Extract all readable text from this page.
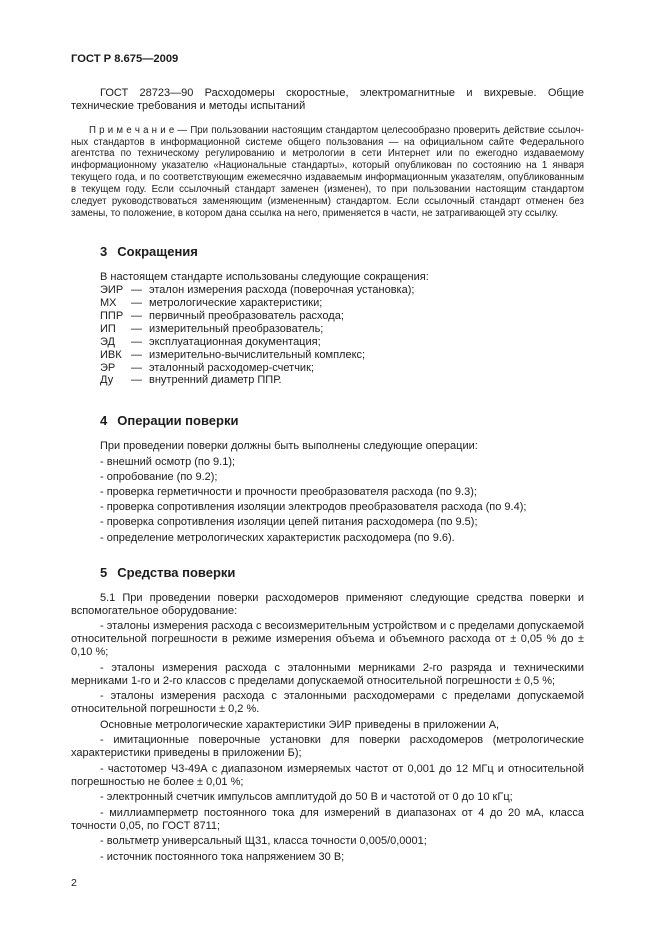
ГОСТ Р 8.675—2009

ГОСТ 28723—90 Расходомеры скоростные, электромагнитные и вихревые. Общие технические требования и методы испытаний

П р и м е ч а н и е — При пользовании настоящим стандартом целесообразно проверить действие ссылочных стандартов в информационной системе общего пользования — на официальном сайте Федерального агентства по техническому регулированию и метрологии в сети Интернет или по ежегодно издаваемому информационному указателю «Национальные стандарты», который опубликован по состоянию на 1 января текущего года, и по соответствующим ежемесячно издаваемым информационным указателям, опубликованным в текущем году. Если ссылочный стандарт заменен (изменен), то при пользовании настоящим стандартом следует руководствоваться заменяющим (измененным) стандартом. Если ссылочный стандарт отменен без замены, то положение, в котором дана ссылка на него, применяется в части, не затрагивающей эту ссылку.

3 Сокращения

В настоящем стандарте использованы следующие сокращения:

ЭИР — эталон измерения расхода (поверочная установка);
МХ	— метрологические характеристики;
ППР — первичный преобразователь расхода;
ИП	— измерительный преобразователь;
ЭД	— эксплуатационная документация;
ИВК — измерительно-вычислительный комплекс;
ЭР	— эталонный расходомер-счетчик;
Ду	— внутренний диаметр ППР.
4 Операции поверки

При проведении поверки должны быть выполнены следующие операции:

- внешний осмотр (по 9.1);

- опробование (по 9.2);

- проверка герметичности и прочности преобразователя расхода (по 9.3);

- проверка сопротивления изоляции электродов преобразователя расхода (по 9.4);

- проверка сопротивления изоляции цепей питания расходомера (по 9.5);

- определение метрологических характеристик расходомера (по 9.6).

5 Средства поверки

5.1 При проведении поверки расходомеров применяют следующие средства поверки и вспомогательное оборудование:

- эталоны измерения расхода с весоизмерительным устройством и с пределами допускаемой относительной погрешности в режиме измерения объема и объемного расхода от ± 0,05 % до ± 0,10 %;

- эталоны измерения расхода с эталонными мерниками 2-го разряда и техническими мерниками 1-го и 2-го классов с пределами допускаемой относительной погрешности ± 0,5 %;

- эталоны измерения расхода с эталонными расходомерами с пределами допускаемой относительной погрешности ± 0,2 %.

Основные метрологические характеристики ЭИР приведены в приложении А,

- имитационные поверочные установки для поверки расходомеров (метрологические характеристики приведены в приложении Б);

- частотомер Ч3-49А с диапазоном измеряемых частот от 0,001 до 12 МГц и относительной погрешностью не более ± 0,01 %;

- электронный счетчик импульсов амплитудой до 50 В и частотой от 0 до 10 кГц;

- миллиамперметр постоянного тока для измерений в диапазонах от 4 до 20 мА, класса точности 0,05, по ГОСТ 8711;

- вольтметр универсальный Щ31, класса точности 0,005/0,0001;

- источник постоянного тока напряжением 30 В;

2
